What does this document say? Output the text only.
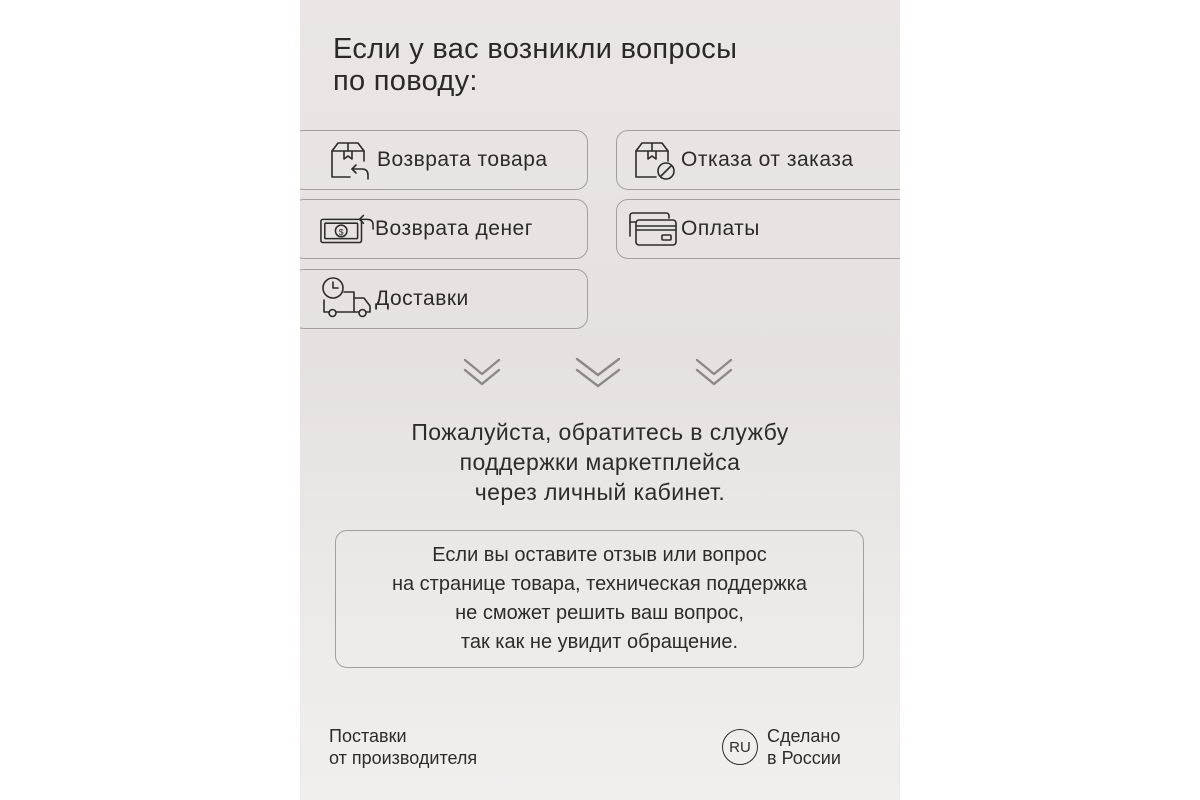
Если у вас возникли вопросы
по поводу:
Возврата товара	Отказа от заказа
$ Возврата денег	Оплаты
Доставки
Пожалуйста, обратитесь в службу
поддержки маркетплейса
через личный кабинет.
Если вы оставите отзыв или вопрос
на странице товара, техническая поддержка
не сможет решить ваш вопрос,
так как не увидит обращение.
Поставки
от производителя
RU
Сделано
в России
